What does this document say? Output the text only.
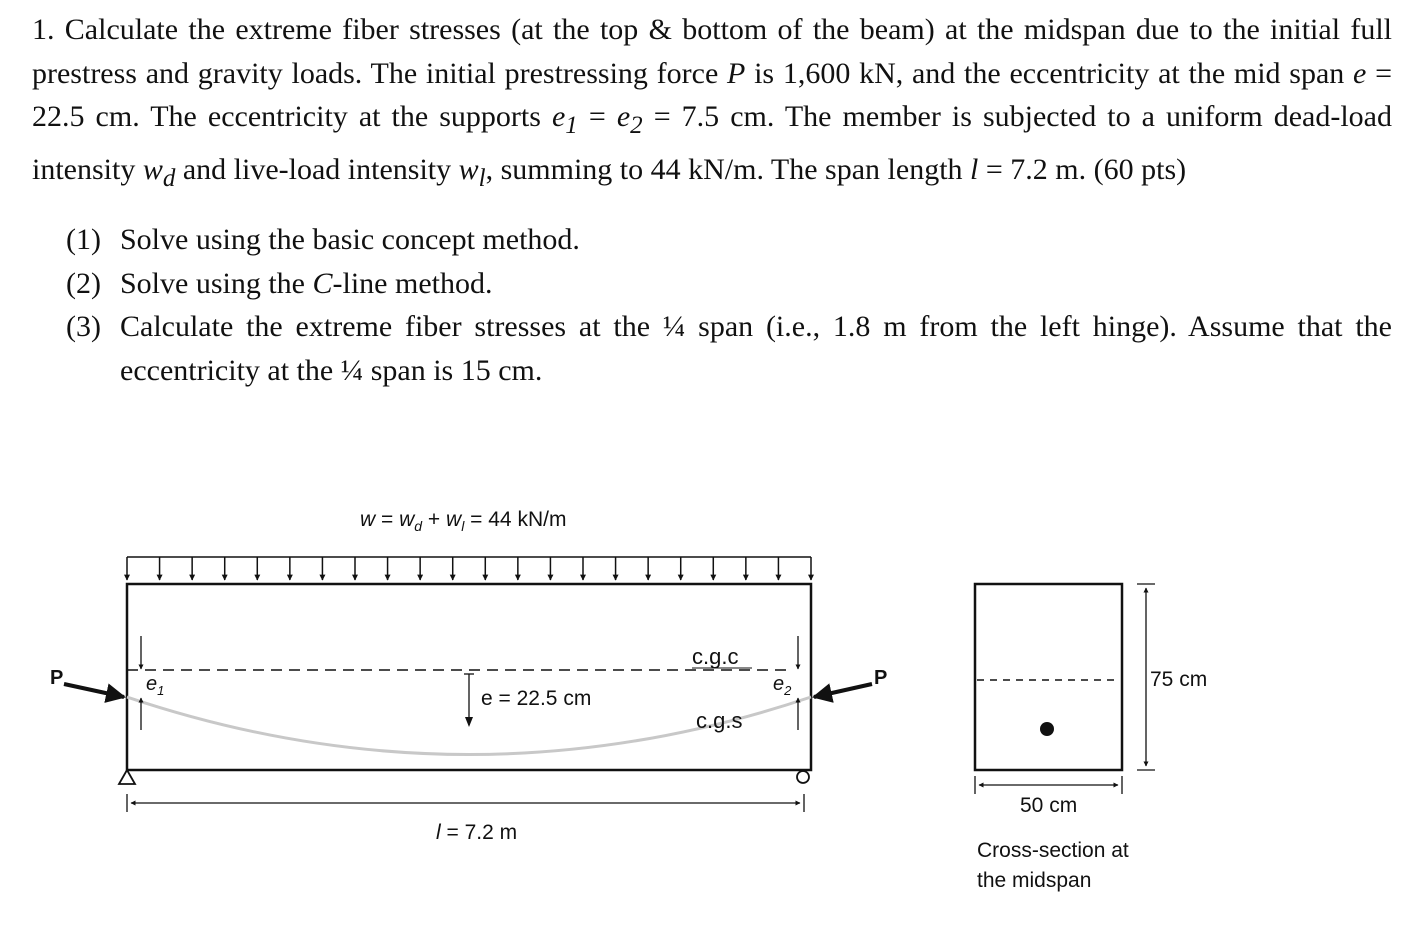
1. Calculate the extreme fiber stresses (at the top & bottom of the beam) at the midspan due to the initial full prestress and gravity loads. The initial prestressing force P is 1,600 kN, and the eccentricity at the mid span e = 22.5 cm. The eccentricity at the supports $e_1 = e_2 = 7.5$ cm. The member is subjected to a uniform dead-load intensity $w_d$ and live-load intensity $w_l$, summing to 44 kN/m. The span length l = 7.2 m. (60 pts)

(1) Solve using the basic concept method.
(2) Solve using the C-line method.
(3) Calculate the extreme fiber stresses at the ¼ span (i.e., 1.8 m from the left hinge). Assume that the eccentricity at the ¼ span is 15 cm.
$w = w_d + w_l = 44$ kN/m
$e_1$	$e_2$
e = 22.5 cm
c.g.c
c.g.s
P	P
l = 7.2 m
75 cm
50 cm
Cross-section at
the midspan
